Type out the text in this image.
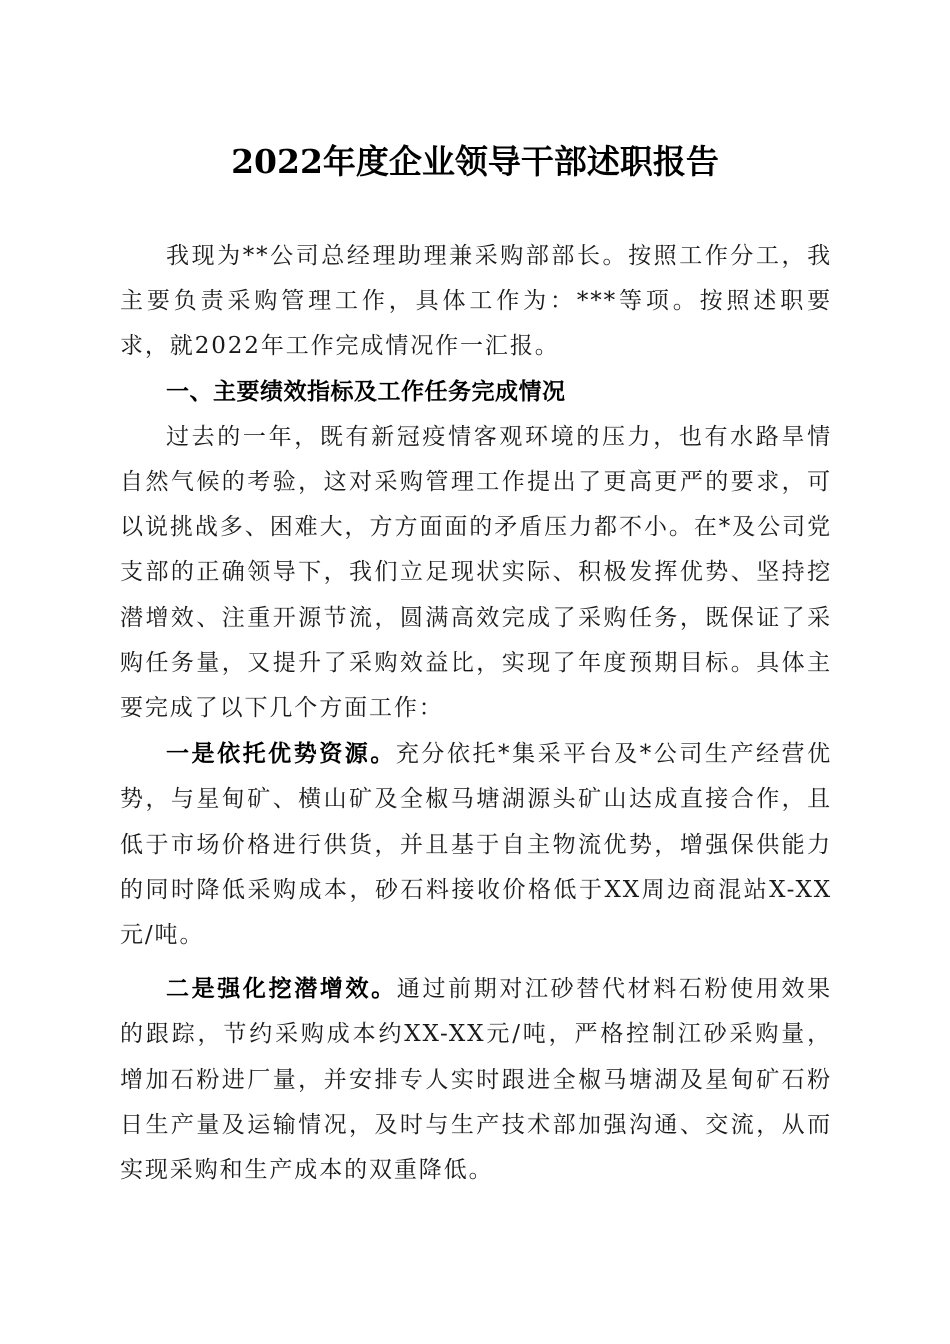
2022年度企业领导干部述职报告

我现为**公司总经理助理兼采购部部长。按照工作分工，我主要负责采购管理工作，具体工作为：***等项。按照述职要求，就2022年工作完成情况作一汇报。

一、主要绩效指标及工作任务完成情况

过去的一年，既有新冠疫情客观环境的压力，也有水路旱情自然气候的考验，这对采购管理工作提出了更高更严的要求，可以说挑战多、困难大，方方面面的矛盾压力都不小。在*及公司党支部的正确领导下，我们立足现状实际、积极发挥优势、坚持挖潜增效、注重开源节流，圆满高效完成了采购任务，既保证了采购任务量，又提升了采购效益比，实现了年度预期目标。具体主要完成了以下几个方面工作：

一是依托优势资源。充分依托*集采平台及*公司生产经营优势，与星甸矿、横山矿及全椒马塘湖源头矿山达成直接合作，且低于市场价格进行供货，并且基于自主物流优势，增强保供能力的同时降低采购成本，砂石料接收价格低于XX周边商混站X-XX元/吨。

二是强化挖潜增效。通过前期对江砂替代材料石粉使用效果的跟踪，节约采购成本约XX-XX元/吨，严格控制江砂采购量，增加石粉进厂量，并安排专人实时跟进全椒马塘湖及星甸矿石粉日生产量及运输情况，及时与生产技术部加强沟通、交流，从而实现采购和生产成本的双重降低。
